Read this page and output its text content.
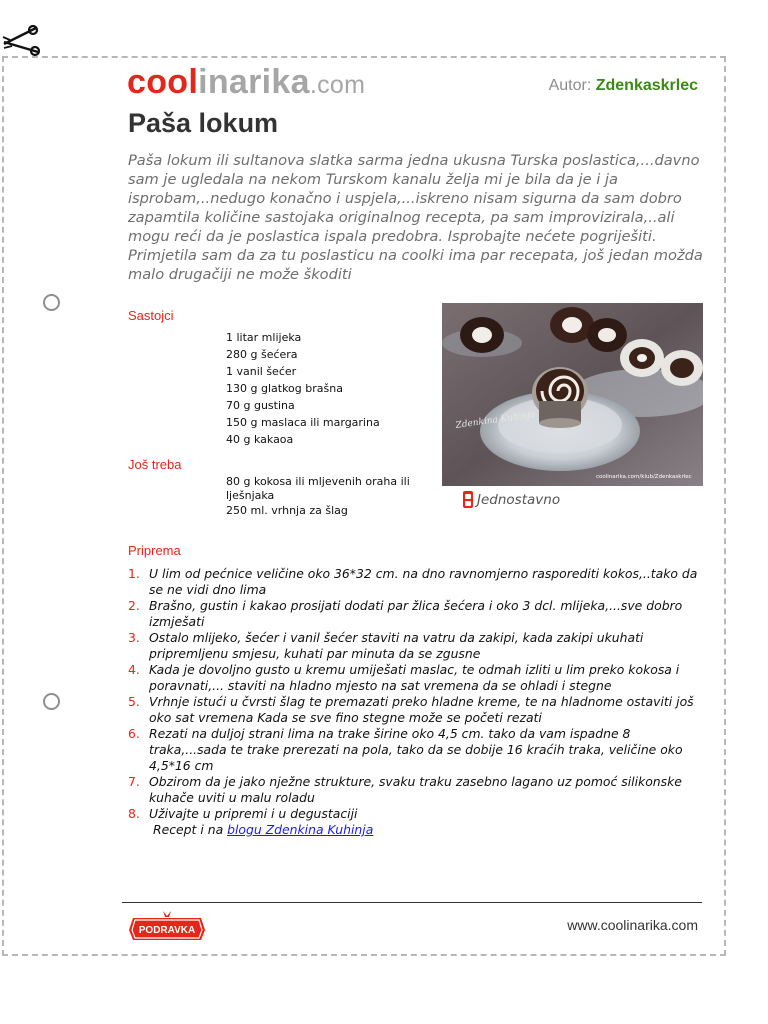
coolinarika.com	Autor: Zdenkaskrlec
Paša lokum

Paša lokum ili sultanova slatka sarma jedna ukusna Turska poslastica,...davno sam je ugledala na nekom Turskom kanalu želja mi je bila da je i ja isprobam,..nedugo konačno i uspjela,...iskreno nisam sigurna da sam dobro zapamtila količine sastojaka originalnog recepta, pa sam improvizirala,..ali mogu reći da je poslastica ispala predobra. Isprobajte nećete pogriješiti. Primjetila sam da za tu poslasticu na coolki ima par recepata, još jedan možda malo drugačiji ne može škoditi

Sastojci
1 litar mlijeka
280 g šećera
1 vanil šećer
130 g glatkog brašna
70 g gustina
150 g maslaca ili margarina
40 g kakaoa
Još treba
80 g kokosa ili mljevenih oraha ili lješnjaka
250 ml. vrhnja za šlag
Zdenkina Kuhinja
coolinarika.com/klub/Zdenkaskrlec
Jednostavno
Priprema
1. U lim od pećnice veličine oko 36*32 cm. na dno ravnomjerno rasporediti kokos,..tako da se ne vidi dno lima
2. Brašno, gustin i kakao prosijati dodati par žlica šećera i oko 3 dcl. mlijeka,...sve dobro izmješati
3. Ostalo mlijeko, šećer i vanil šećer staviti na vatru da zakipi, kada zakipi ukuhati pripremljenu smjesu, kuhati par minuta da se zgusne
4. Kada je dovoljno gusto u kremu umiješati maslac, te odmah izliti u lim preko kokosa i poravnati,... staviti na hladno mjesto na sat vremena da se ohladi i stegne
5. Vrhnje istući u čvrsti šlag te premazati preko hladne kreme, te na hladnome ostaviti još oko sat vremena Kada se sve fino stegne može se početi rezati
6. Rezati na duljoj strani lima na trake širine oko 4,5 cm. tako da vam ispadne 8 traka,...sada te trake prerezati na pola, tako da se dobije 16 kraćih traka, veličine oko 4,5*16 cm
7. Obzirom da je jako nježne strukture, svaku traku zasebno lagano uz pomoć silikonske kuhače uviti u malu roladu
8. Uživajte u pripremi i u degustaciji
Recept i na blogu Zdenkina Kuhinja
PODRAVKA	www.coolinarika.com
